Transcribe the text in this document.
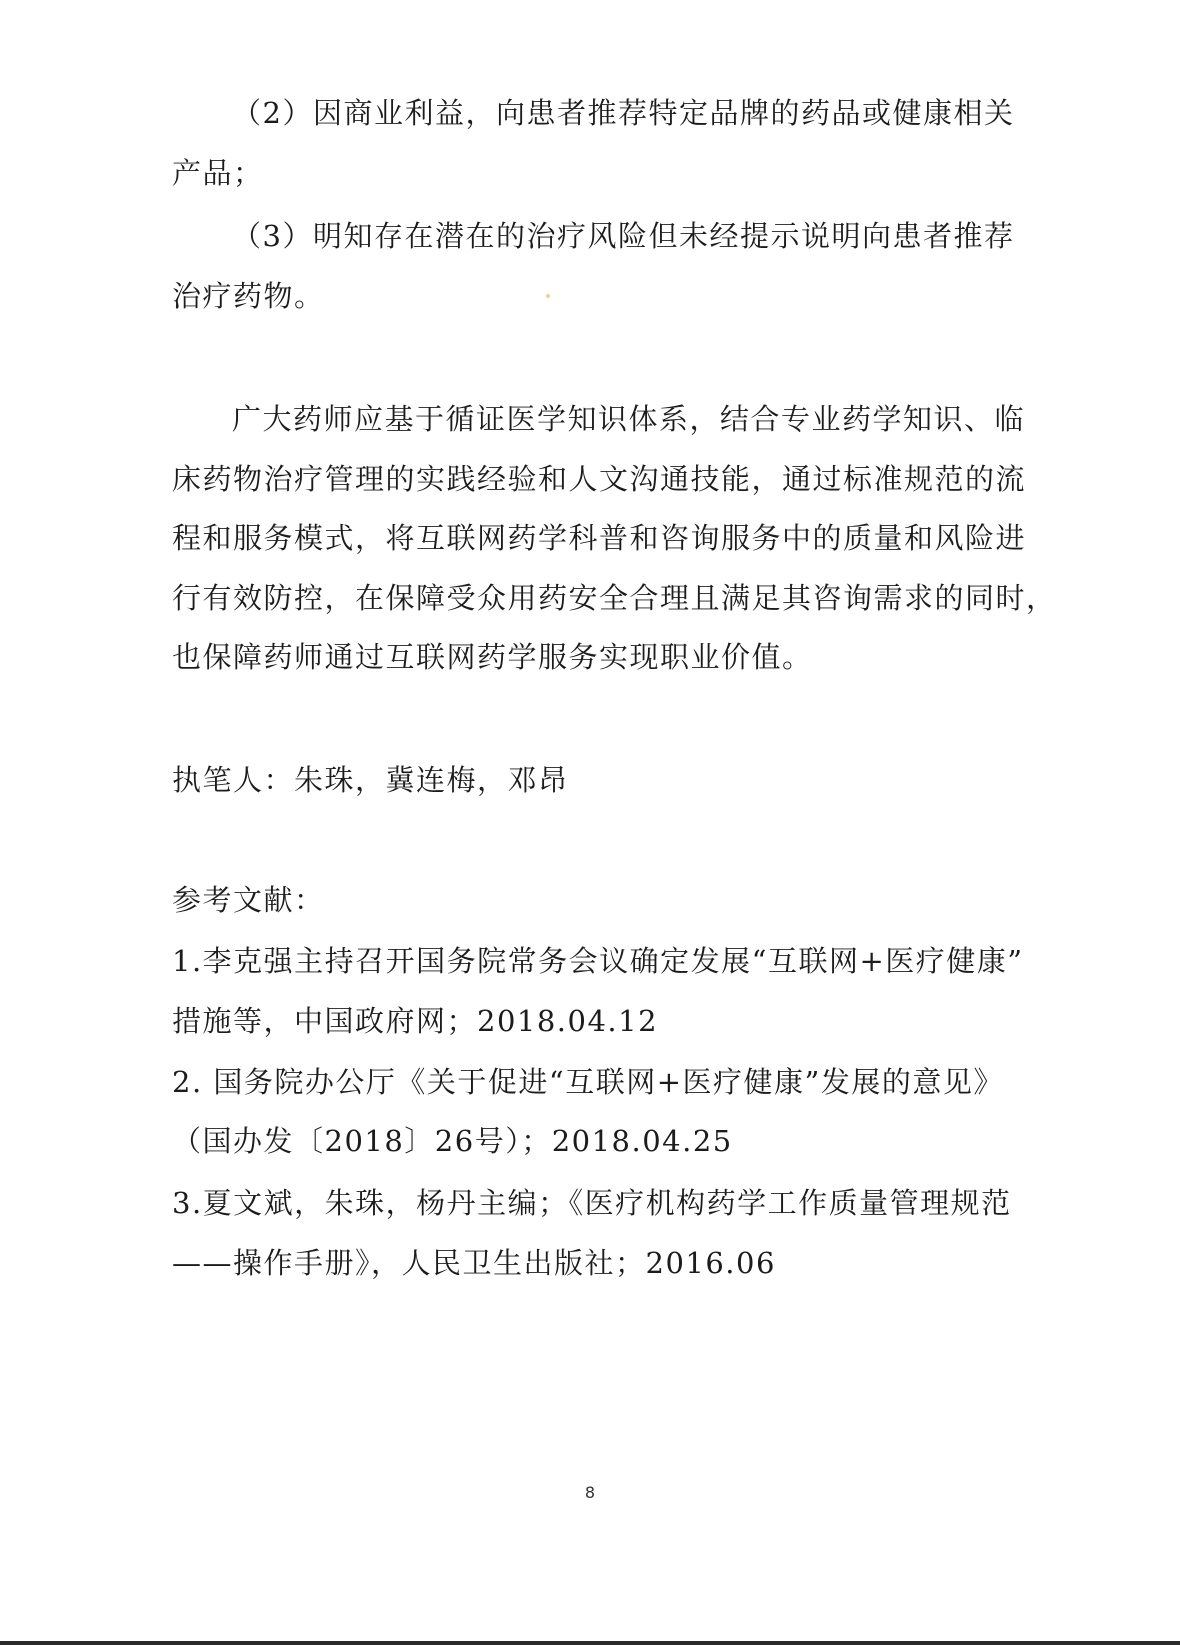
（2）因商业利益，向患者推荐特定品牌的药品或健康相关
产品；
（3）明知存在潜在的治疗风险但未经提示说明向患者推荐
治疗药物。
广大药师应基于循证医学知识体系，结合专业药学知识、临
床药物治疗管理的实践经验和人文沟通技能，通过标准规范的流
程和服务模式，将互联网药学科普和咨询服务中的质量和风险进
行有效防控，在保障受众用药安全合理且满足其咨询需求的同时，
也保障药师通过互联网药学服务实现职业价值。
执笔人：朱珠，冀连梅，邓昂
参考文献：
1.李克强主持召开国务院常务会议确定发展“互联网+医疗健康”
措施等，中国政府网；2018.04.12
2. 国务院办公厅《关于促进“互联网+医疗健康”发展的意见》
（国办发〔2018〕26号）；2018.04.25
3.夏文斌，朱珠，杨丹主编；《医疗机构药学工作质量管理规范
——操作手册》，人民卫生出版社；2016.06
8
